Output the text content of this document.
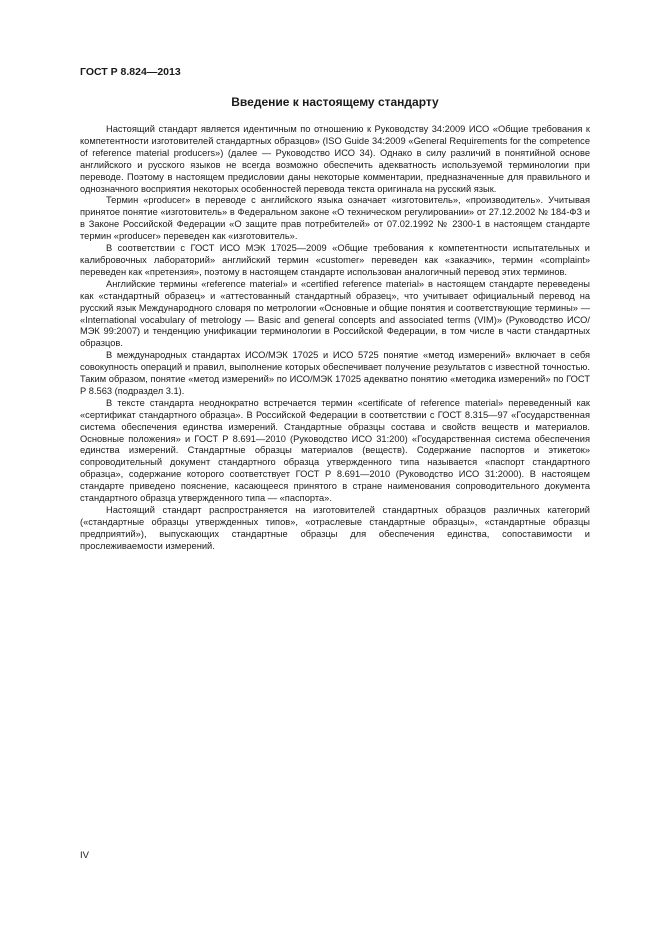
ГОСТ Р 8.824—2013
Введение к настоящему стандарту

Настоящий стандарт является идентичным по отношению к Руководству 34:2009 ИСО «Общие требования к компетентности изготовителей стандартных образцов» (ISO Guide 34:2009 «General Requirements for the competence of reference material producers») (далее — Руководство ИСО 34). Однако в силу различий в понятийной основе английского и русского языков не всегда возможно обеспечить адекватность используемой терминологии при переводе. Поэтому в настоящем предисловии даны некоторые комментарии, предназначенные для правильного и однозначного восприятия некоторых особенностей перевода текста оригинала на русский язык.

Термин «producer» в переводе с английского языка означает «изготовитель», «производитель». Учитывая принятое понятие «изготовитель» в Федеральном законе «О техническом регулировании» от 27.12.2002 № 184-ФЗ и в Законе Российской Федерации «О защите прав потребителей» от 07.02.1992 № 2300-1 в настоящем стандарте термин «producer» переведен как «изготовитель».

В соответствии с ГОСТ ИСО МЭК 17025—2009 «Общие требования к компетентности испытательных и калибровочных лабораторий» английский термин «customer» переведен как «заказчик», термин «complaint» переведен как «претензия», поэтому в настоящем стандарте использован аналогичный перевод этих терминов.

Английские термины «reference material» и «certified reference material» в настоящем стандарте переведены как «стандартный образец» и «аттестованный стандартный образец», что учитывает официальный перевод на русский язык Международного словаря по метрологии «Основные и общие понятия и соответствующие термины» — «International vocabulary of metrology — Basic and general concepts and associated terms (VIM)» (Руководство ИСО/МЭК 99:2007) и тенденцию унификации терминологии в Российской Федерации, в том числе в части стандартных образцов.

В международных стандартах ИСО/МЭК 17025 и ИСО 5725 понятие «метод измерений» включает в себя совокупность операций и правил, выполнение которых обеспечивает получение результатов с известной точностью. Таким образом, понятие «метод измерений» по ИСО/МЭК 17025 адекватно понятию «методика измерений» по ГОСТ Р 8.563 (подраздел 3.1).

В тексте стандарта неоднократно встречается термин «certificate of reference material» переведенный как «сертификат стандартного образца». В Российской Федерации в соответствии с ГОСТ 8.315—97 «Государственная система обеспечения единства измерений. Стандартные образцы состава и свойств веществ и материалов. Основные положения» и ГОСТ Р 8.691—2010 (Руководство ИСО 31:200) «Государственная система обеспечения единства измерений. Стандартные образцы материалов (веществ). Содержание паспортов и этикеток» сопроводительный документ стандартного образца утвержденного типа называется «паспорт стандартного образца», содержание которого соответствует ГОСТ Р 8.691—2010 (Руководство ИСО 31:2000). В настоящем стандарте приведено пояснение, касающееся принятого в стране наименования сопроводительного документа стандартного образца утвержденного типа — «паспорта».

Настоящий стандарт распространяется на изготовителей стандартных образцов различных категорий («стандартные образцы утвержденных типов», «отраслевые стандартные образцы», «стандартные образцы предприятий»), выпускающих стандартные образцы для обеспечения единства, сопоставимости и прослеживаемости измерений.

IV
